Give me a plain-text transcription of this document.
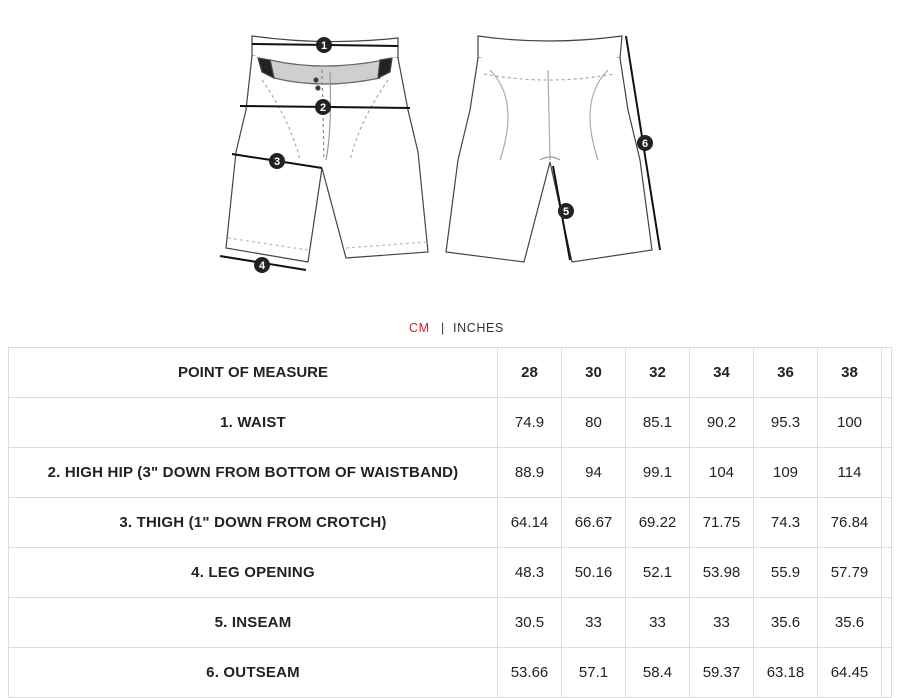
1
2
3
4
5
6
CM | INCHES
POINT OF MEASURE	28	30	32	34	36	38	
1. WAIST	74.9	80	85.1	90.2	95.3	100	
2. HIGH HIP (3" DOWN FROM BOTTOM OF WAISTBAND)	88.9	94	99.1	104	109	114	
3. THIGH (1" DOWN FROM CROTCH)	64.14	66.67	69.22	71.75	74.3	76.84	
4. LEG OPENING	48.3	50.16	52.1	53.98	55.9	57.79	
5. INSEAM	30.5	33	33	33	35.6	35.6	
6. OUTSEAM	53.66	57.1	58.4	59.37	63.18	64.45	
